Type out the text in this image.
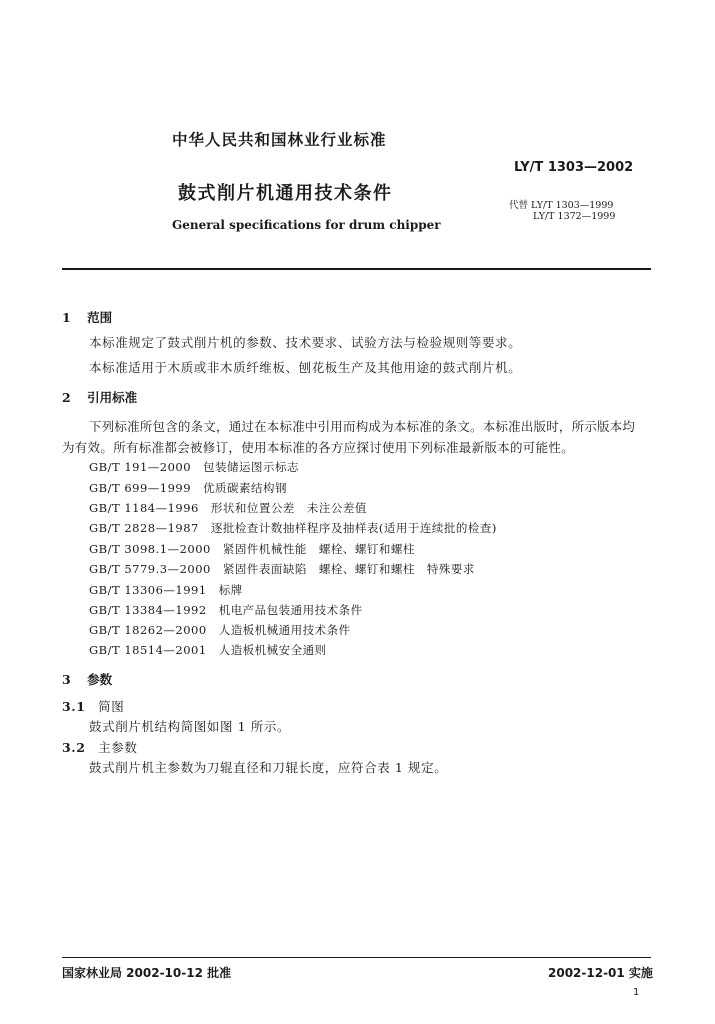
中华人民共和国林业行业标准
LY/T 1303—2002
鼓式削片机通用技术条件
代替 LY/T 1303—1999
LY/T 1372—1999
General specifications for drum chipper
1 范围
本标准规定了鼓式削片机的参数、技术要求、试验方法与检验规则等要求。
本标准适用于木质或非木质纤维板、刨花板生产及其他用途的鼓式削片机。
2 引用标准
下列标准所包含的条文，通过在本标准中引用而构成为本标准的条文。本标准出版时，所示版本均
为有效。所有标准都会被修订，使用本标准的各方应探讨使用下列标准最新版本的可能性。
GB/T 191—2000　包装储运图示标志
GB/T 699—1999　优质碳素结构钢
GB/T 1184—1996　形状和位置公差　未注公差值
GB/T 2828—1987　逐批检查计数抽样程序及抽样表(适用于连续批的检查)
GB/T 3098.1—2000　紧固件机械性能　螺栓、螺钉和螺柱
GB/T 5779.3—2000　紧固件表面缺陷　螺栓、螺钉和螺柱　特殊要求
GB/T 13306—1991　标牌
GB/T 13384—1992　机电产品包装通用技术条件
GB/T 18262—2000　人造板机械通用技术条件
GB/T 18514—2001　人造板机械安全通则
3 参数
3.1 简图
鼓式削片机结构简图如图 1 所示。
3.2 主参数
鼓式削片机主参数为刀辊直径和刀辊长度，应符合表 1 规定。
国家林业局 2002-10-12 批准	2002-12-01 实施
1
